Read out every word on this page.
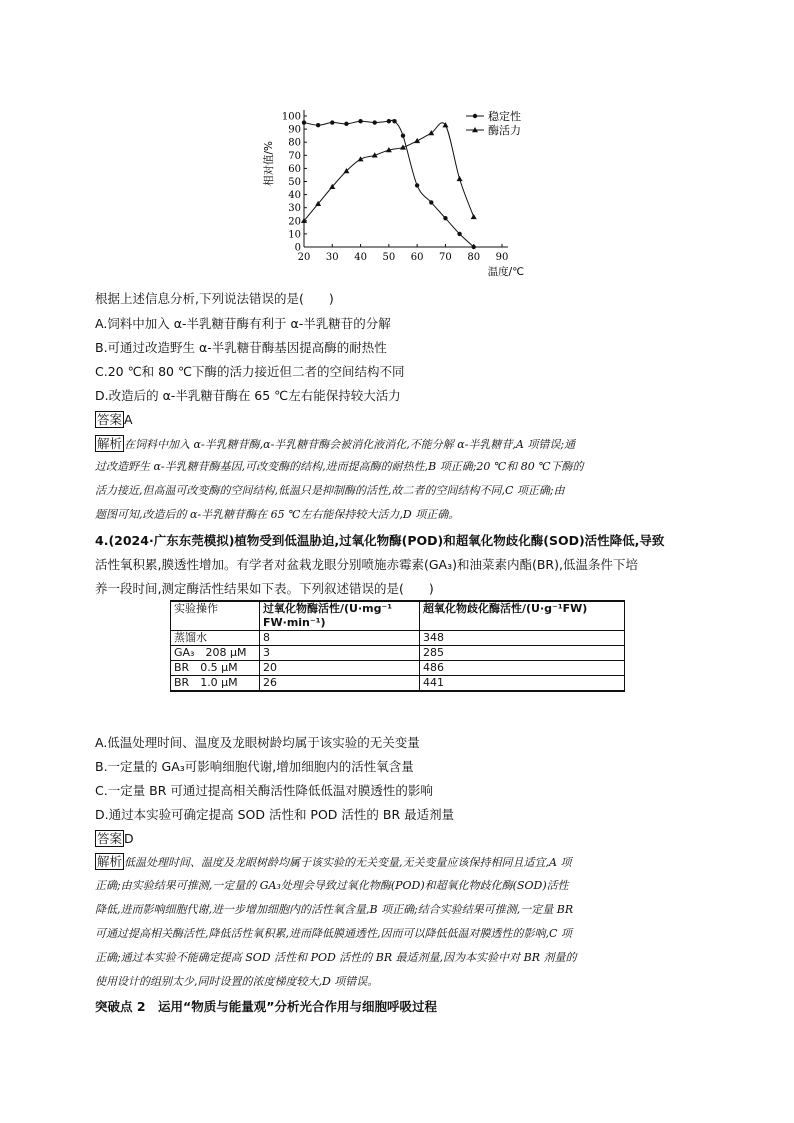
20 30 40 50 60 70 80 90
0
10
20
30
40
50
60
70
80
90
100
温度/℃
相对值/%
稳定性
酶活力
根据上述信息分析,下列说法错误的是(　　)
A.饲料中加入 α-半乳糖苷酶有利于 α-半乳糖苷的分解
B.可通过改造野生 α-半乳糖苷酶基因提高酶的耐热性
C.20 ℃和 80 ℃下酶的活力接近但二者的空间结构不同
D.改造后的 α-半乳糖苷酶在 65 ℃左右能保持较大活力
答案 A
解析 在饲料中加入 α-半乳糖苷酶,α-半乳糖苷酶会被消化液消化,不能分解 α-半乳糖苷,A 项错误;通
过改造野生 α-半乳糖苷酶基因,可改变酶的结构,进而提高酶的耐热性,B 项正确;20 ℃和 80 ℃下酶的
活力接近,但高温可改变酶的空间结构,低温只是抑制酶的活性,故二者的空间结构不同,C 项正确;由
题图可知,改造后的 α-半乳糖苷酶在 65 ℃左右能保持较大活力,D 项正确。
4.(2024·广东东莞模拟)植物受到低温胁迫,过氧化物酶(POD)和超氧化物歧化酶(SOD)活性降低,导致
活性氧积累,膜透性增加。有学者对盆栽龙眼分别喷施赤霉素(GA₃)和油菜素内酯(BR),低温条件下培
养一段时间,测定酶活性结果如下表。下列叙述错误的是(　　)
实验操作	过氧化物酶活性/(U·mg⁻¹
FW·min⁻¹)	超氧化物歧化酶活性/(U·g⁻¹FW)
蒸馏水	8	348
GA₃　208 μM	3	285
BR　0.5 μM	20	486
BR　1.0 μM	26	441
A.低温处理时间、温度及龙眼树龄均属于该实验的无关变量
B.一定量的 GA₃可影响细胞代谢,增加细胞内的活性氧含量
C.一定量 BR 可通过提高相关酶活性降低低温对膜透性的影响
D.通过本实验可确定提高 SOD 活性和 POD 活性的 BR 最适剂量
答案 D
解析 低温处理时间、温度及龙眼树龄均属于该实验的无关变量,无关变量应该保持相同且适宜,A 项
正确;由实验结果可推测,一定量的 GA₃处理会导致过氧化物酶(POD)和超氧化物歧化酶(SOD)活性
降低,进而影响细胞代谢,进一步增加细胞内的活性氧含量,B 项正确;结合实验结果可推测,一定量 BR
可通过提高相关酶活性,降低活性氧积累,进而降低膜通透性,因而可以降低低温对膜透性的影响,C 项
正确;通过本实验不能确定提高 SOD 活性和 POD 活性的 BR 最适剂量,因为本实验中对 BR 剂量的
使用设计的组别太少,同时设置的浓度梯度较大,D 项错误。
突破点 2　运用“物质与能量观”分析光合作用与细胞呼吸过程
